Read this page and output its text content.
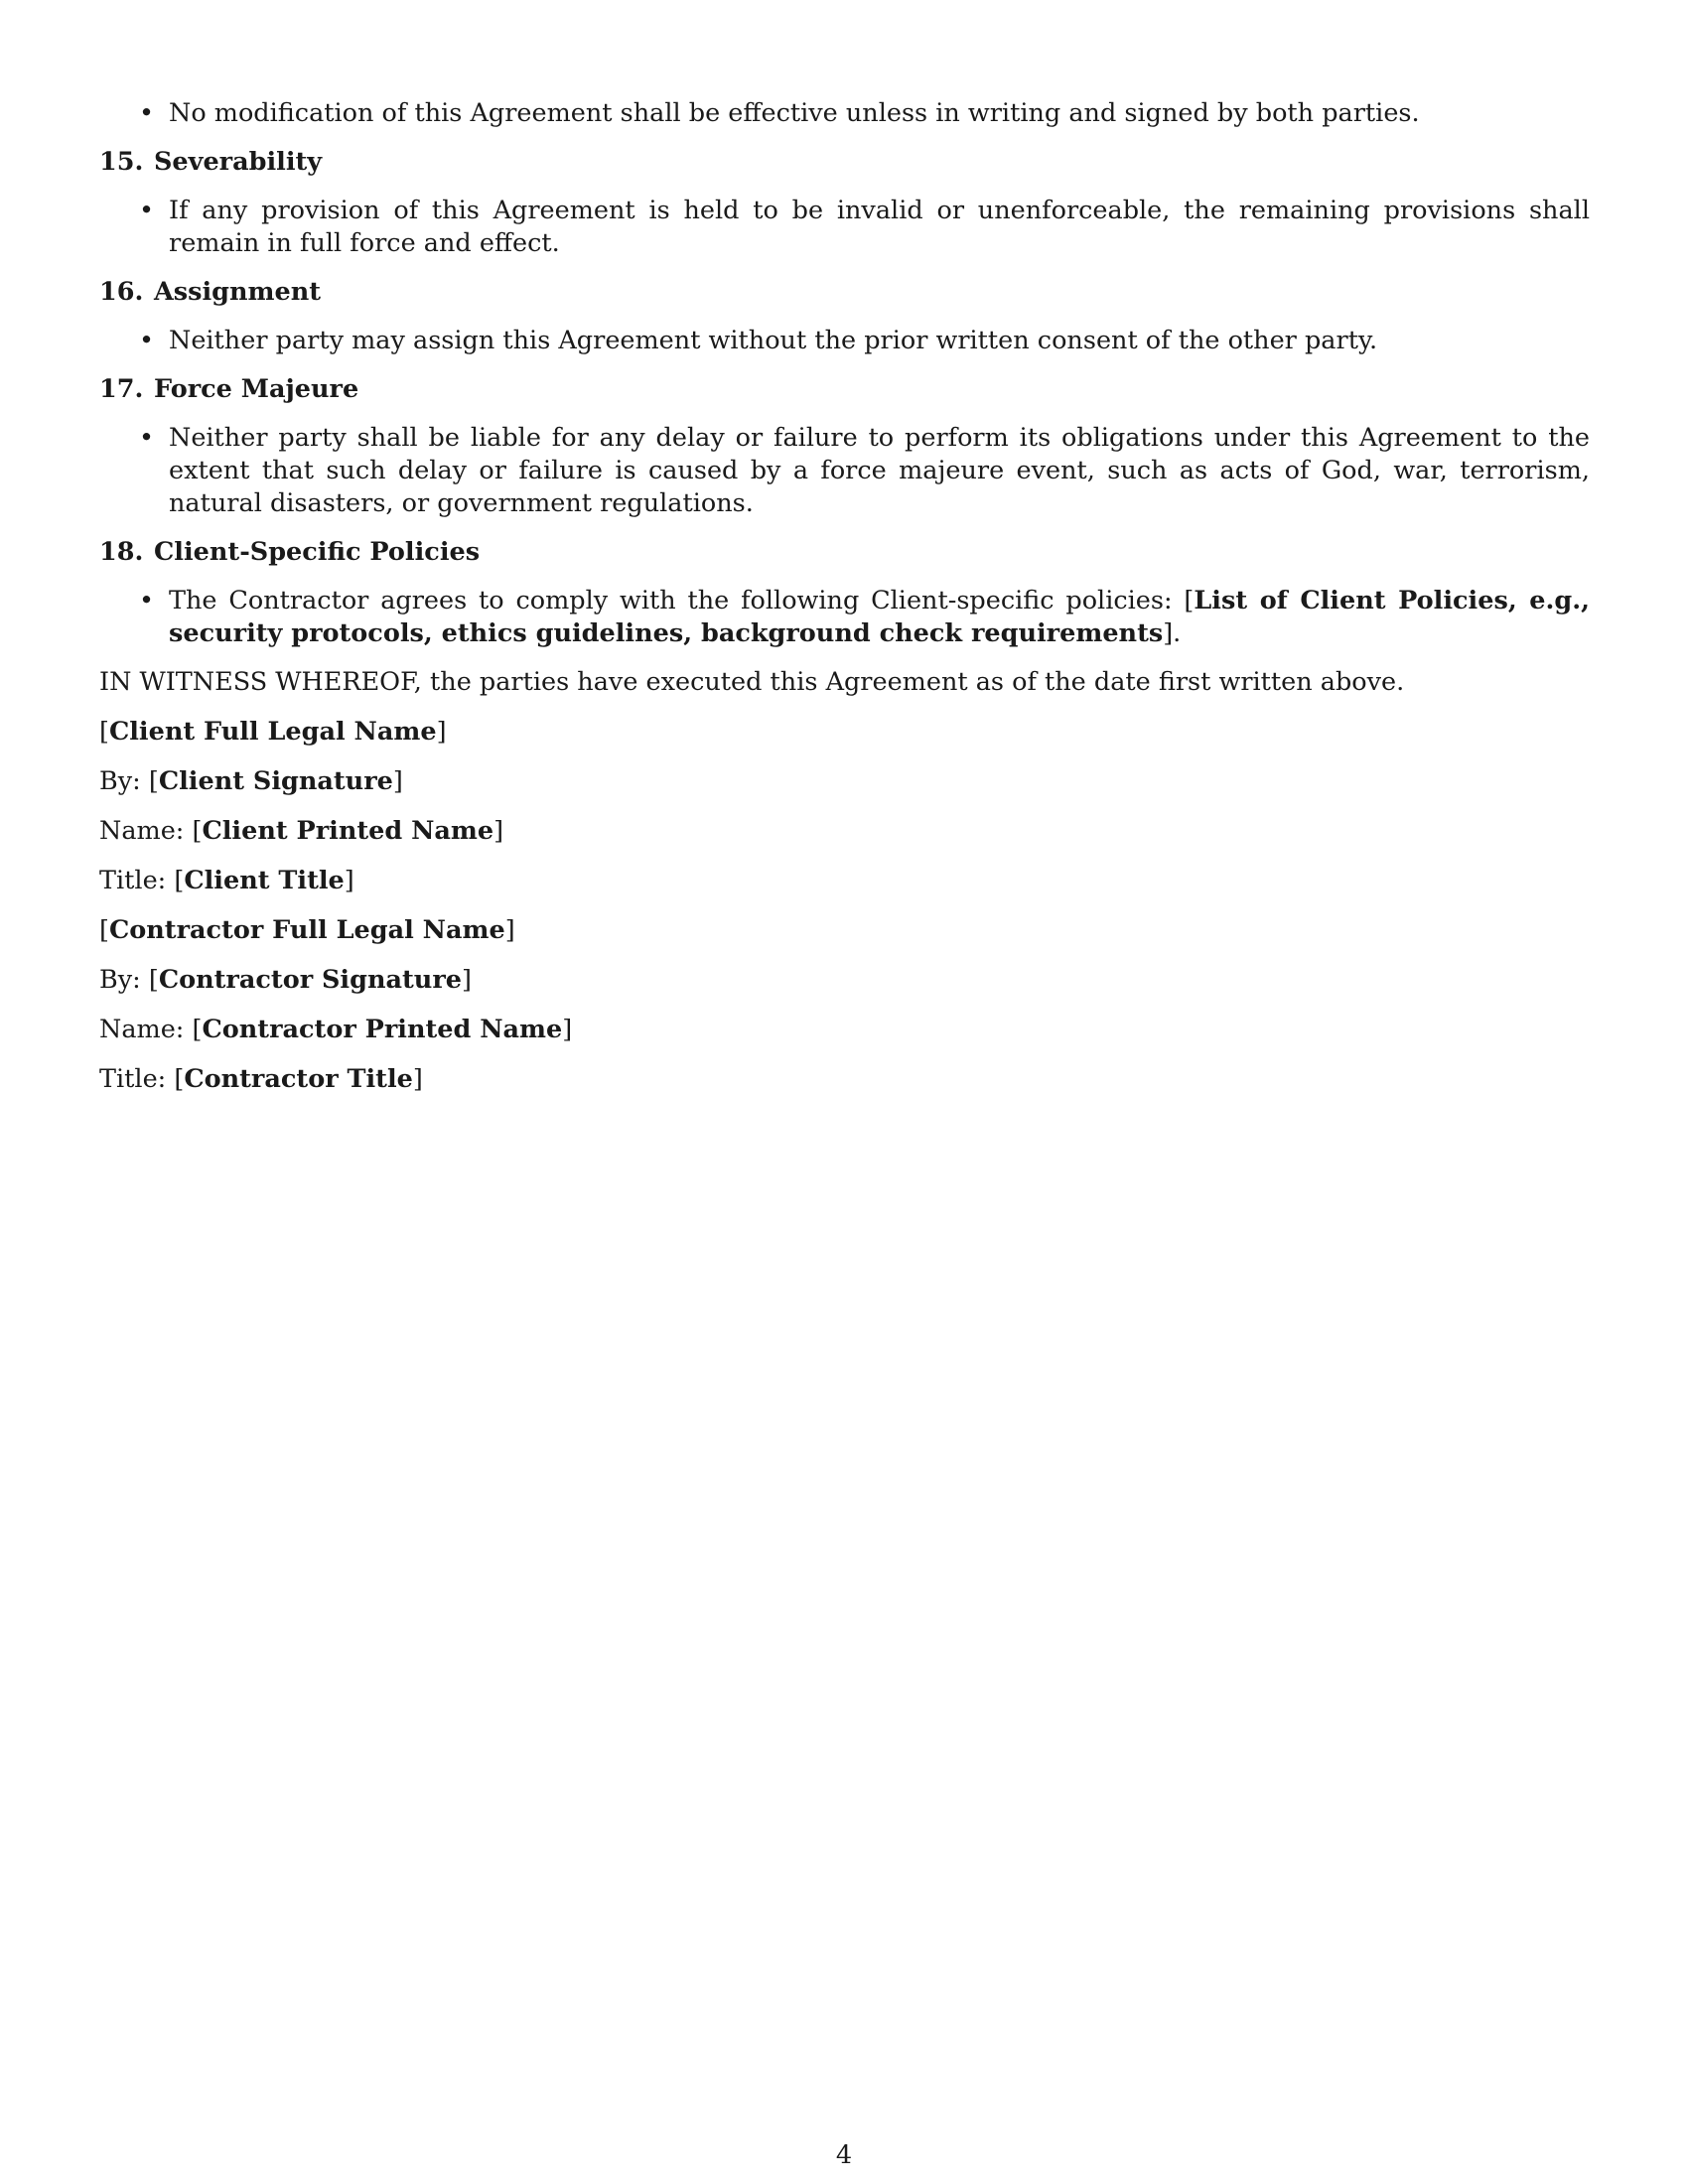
• No modification of this Agreement shall be effective unless in writing and signed by both parties.
15. Severability
• If any provision of this Agreement is held to be invalid or unenforceable, the remaining provisions shall remain in full force and effect.
16. Assignment
• Neither party may assign this Agreement without the prior written consent of the other party.
17. Force Majeure
• Neither party shall be liable for any delay or failure to perform its obligations under this Agreement to the extent that such delay or failure is caused by a force majeure event, such as acts of God, war, terrorism, natural disasters, or government regulations.
18. Client-Specific Policies
• The Contractor agrees to comply with the following Client-specific policies: [List of Client Policies, e.g., security protocols, ethics guidelines, background check requirements].
IN WITNESS WHEREOF, the parties have executed this Agreement as of the date first written above.
[Client Full Legal Name]
By: [Client Signature]
Name: [Client Printed Name]
Title: [Client Title]
[Contractor Full Legal Name]
By: [Contractor Signature]
Name: [Contractor Printed Name]
Title: [Contractor Title]
4
